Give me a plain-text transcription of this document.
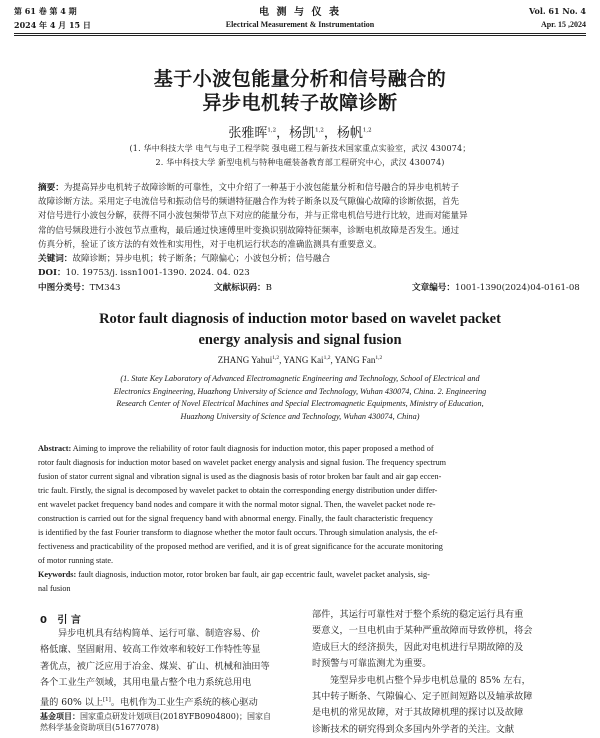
第 61 卷 第 4 期	电 测 与 仪 表	Vol. 61 No. 4
2024 年 4 月 15 日	Electrical Measurement & Instrumentation	Apr. 15 ,2024
基于小波包能量分析和信号融合的
异步电机转子故障诊断
张雅晖$^{1,2}$，杨凯$^{1,2}$，杨帆$^{1,2}$
(1. 华中科技大学 电气与电子工程学院 强电磁工程与新技术国家重点实验室，武汉 430074；
2. 华中科技大学 新型电机与特种电磁装备教育部工程研究中心，武汉 430074)
摘要：为提高异步电机转子故障诊断的可靠性，文中介绍了一种基于小波包能量分析和信号融合的异步电机转子
故障诊断方法。采用定子电流信号和振动信号的频谱特征融合作为转子断条以及气隙偏心故障的诊断依据，首先
对信号进行小波包分解，获得不同小波包频带节点下对应的能量分布，并与正常电机信号进行比较，进而对能量异
常的信号频段进行小波包节点重构，最后通过快速傅里叶变换识别故障特征频率，诊断电机故障是否发生。通过
仿真分析，验证了该方法的有效性和实用性，对于电机运行状态的准确监测具有重要意义。
关键词：故障诊断；异步电机；转子断条；气隙偏心；小波包分析；信号融合
DOI：10. 19753/j. issn1001-1390. 2024. 04. 023
中图分类号：TM343	文献标识码：B	文章编号：1001-1390(2024)04-0161-08
Rotor fault diagnosis of induction motor based on wavelet packet
energy analysis and signal fusion
ZHANG Yahui$^{1,2}$, YANG Kai$^{1,2}$, YANG Fan$^{1,2}$
(1. State Key Laboratory of Advanced Electromagnetic Engineering and Technology, School of Electrical and
Electronics Engineering, Huazhong University of Science and Technology, Wuhan 430074, China. 2. Engineering
Research Center of Novel Electrical Machines and Special Electromagnetic Equipments, Ministry of Education,
Huazhong University of Science and Technology, Wuhan 430074, China)
Abstract: Aiming to improve the reliability of rotor fault diagnosis for induction motor, this paper proposed a method of
rotor fault diagnosis for induction motor based on wavelet packet energy analysis and signal fusion. The frequency spectrum
fusion of stator current signal and vibration signal is used as the diagnosis basis of rotor broken bar fault and air gap eccen-
tric fault. Firstly, the signal is decomposed by wavelet packet to obtain the corresponding energy distribution under differ-
ent wavelet packet frequency band nodes and compare it with the normal motor signal. Then, the wavelet packet node re-
construction is carried out for the signal frequency band with abnormal energy. Finally, the fault characteristic frequency
is identified by the fast Fourier transform to diagnose whether the motor fault occurs. Through simulation analysis, the ef-
fectiveness and practicability of the proposed method are verified, and it is of great significance for the accurate monitoring
of motor running state.
Keywords: fault diagnosis, induction motor, rotor broken bar fault, air gap eccentric fault, wavelet packet analysis, sig-
nal fusion
0 引 言
异步电机具有结构简单、运行可靠、制造容易、价
格低廉、坚固耐用、较高工作效率和较好工作特性等显
著优点，被广泛应用于冶金、煤炭、矿山、机械和油田等
各个工业生产领域，其用电量占整个电力系统总用电
量的 60% 以上[1]。电机作为工业生产系统的核心驱动
基金项目：国家重点研发计划项目(2018YFB0904800)；国家自
然科学基金资助项目(51677078)
部件，其运行可靠性对于整个系统的稳定运行具有重
要意义，一旦电机由于某种严重故障而导致停机，将会
造成巨大的经济损失，因此对电机进行早期故障的及
时预警与可靠监测尤为重要。
笼型异步电机占整个异步电机总量的 85% 左右，
其中转子断条、气隙偏心、定子匝间短路以及轴承故障
是电机的常见故障，对于其故障机理的探讨以及故障
诊断技术的研究得到众多国内外学者的关注。文献
